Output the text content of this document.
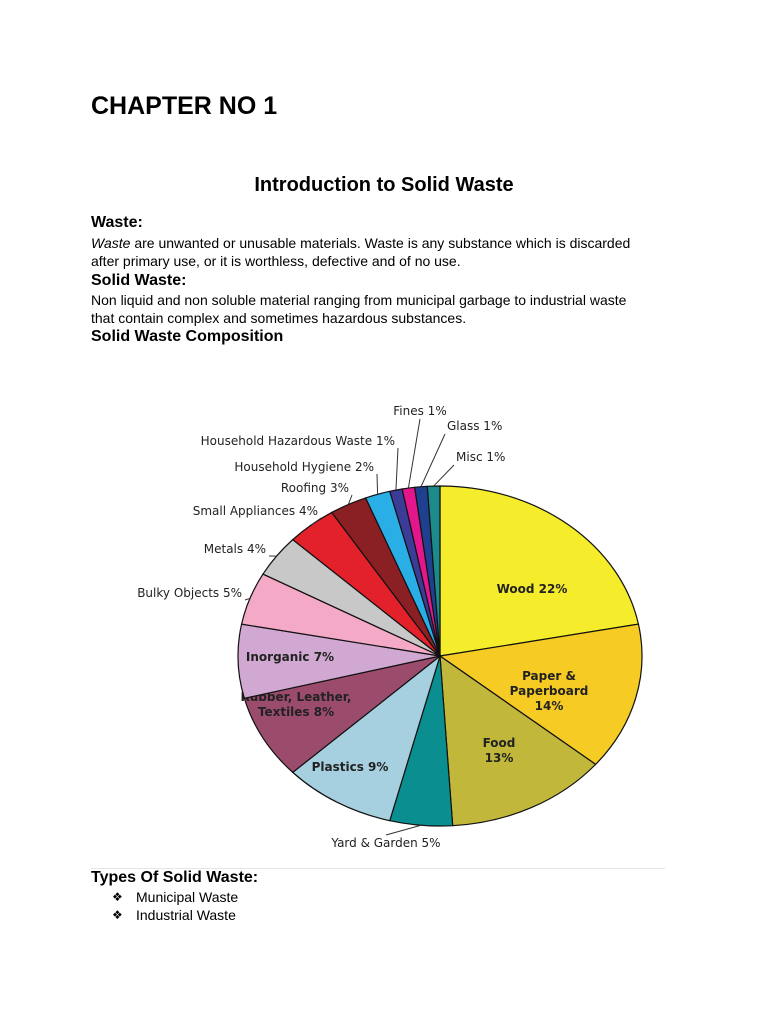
CHAPTER NO 1
Introduction to Solid Waste
Waste:

Waste are unwanted or unusable materials. Waste is any substance which is discarded
after primary use, or it is worthless, defective and of no use.

Solid Waste:

Non liquid and non soluble material ranging from municipal garbage to industrial waste
that contain complex and sometimes hazardous substances.

Solid Waste Composition
Wood 22%
Paper &
Paperboard
14%
Food
13%
Yard & Garden 5%
Plastics 9%
Rubber, Leather,
Textiles 8%
Inorganic 7%
Bulky Objects 5%
Metals 4%
Small Appliances 4%
Roofing 3%
Household Hygiene 2%
Household Hazardous Waste 1%
Fines 1%
Glass 1%
Misc 1%
Types Of Solid Waste:
❖ Municipal Waste
❖ Industrial Waste
